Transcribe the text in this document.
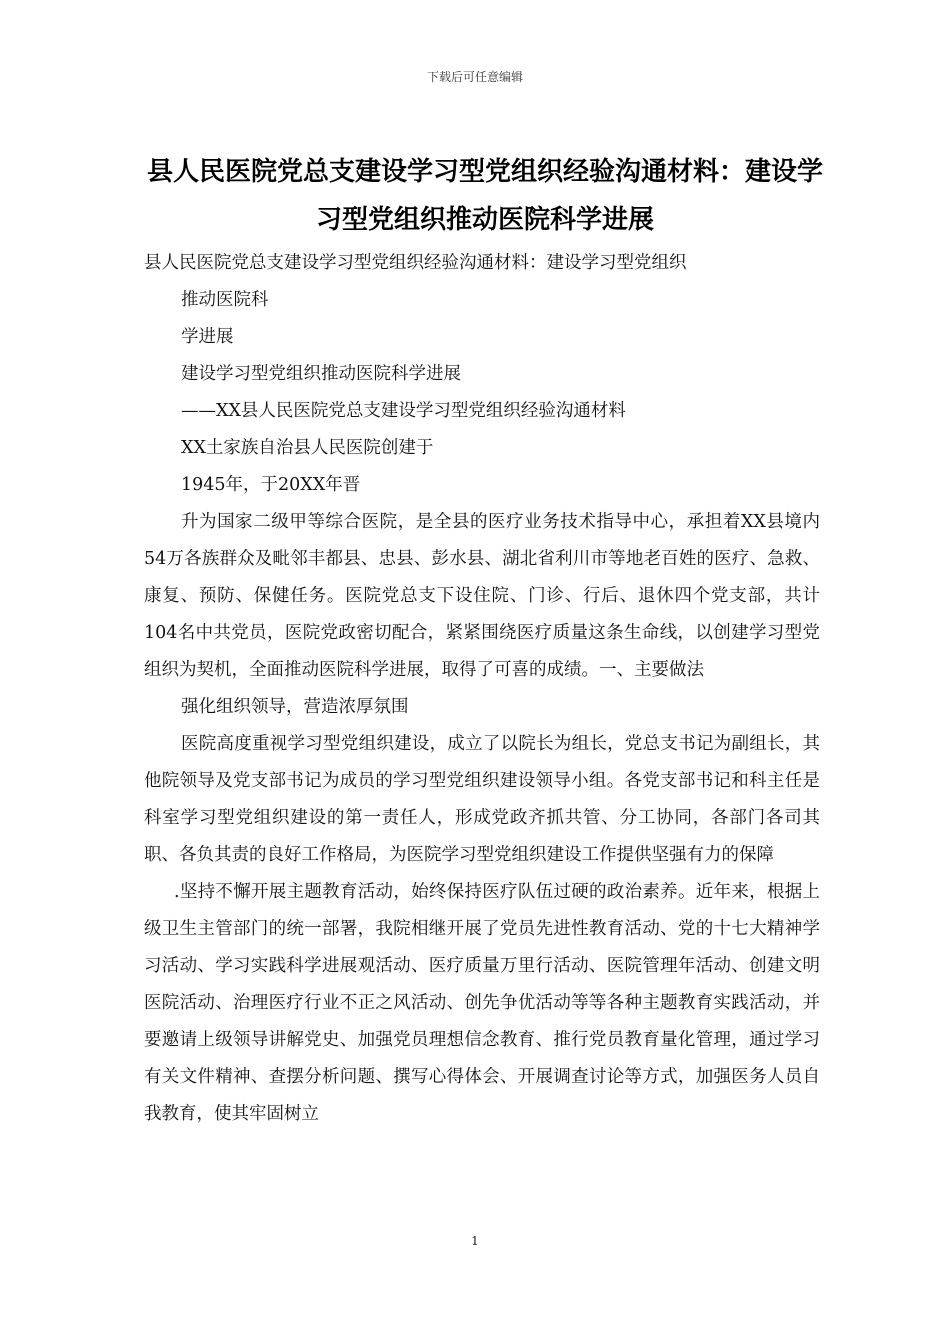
下载后可任意编辑
县人民医院党总支建设学习型党组织经验沟通材料：建设学习型党组织推动医院科学进展

县人民医院党总支建设学习型党组织经验沟通材料：建设学习型党组织

推动医院科

学进展

建设学习型党组织推动医院科学进展

——XX县人民医院党总支建设学习型党组织经验沟通材料

XX土家族自治县人民医院创建于

1945年，于20XX年晋

升为国家二级甲等综合医院，是全县的医疗业务技术指导中心，承担着XX县境内54万各族群众及毗邻丰都县、忠县、彭水县、湖北省利川市等地老百姓的医疗、急救、康复、预防、保健任务。医院党总支下设住院、门诊、行后、退休四个党支部，共计104名中共党员，医院党政密切配合，紧紧围绕医疗质量这条生命线，以创建学习型党组织为契机，全面推动医院科学进展，取得了可喜的成绩。一、主要做法

强化组织领导，营造浓厚氛围

医院高度重视学习型党组织建设，成立了以院长为组长，党总支书记为副组长，其他院领导及党支部书记为成员的学习型党组织建设领导小组。各党支部书记和科主任是科室学习型党组织建设的第一责任人，形成党政齐抓共管、分工协同，各部门各司其职、各负其责的良好工作格局，为医院学习型党组织建设工作提供坚强有力的保障

.坚持不懈开展主题教育活动，始终保持医疗队伍过硬的政治素养。近年来，根据上级卫生主管部门的统一部署，我院相继开展了党员先进性教育活动、党的十七大精神学习活动、学习实践科学进展观活动、医疗质量万里行活动、医院管理年活动、创建文明医院活动、治理医疗行业不正之风活动、创先争优活动等等各种主题教育实践活动，并要邀请上级领导讲解党史、加强党员理想信念教育、推行党员教育量化管理，通过学习有关文件精神、查摆分析问题、撰写心得体会、开展调查讨论等方式，加强医务人员自我教育，使其牢固树立

1
